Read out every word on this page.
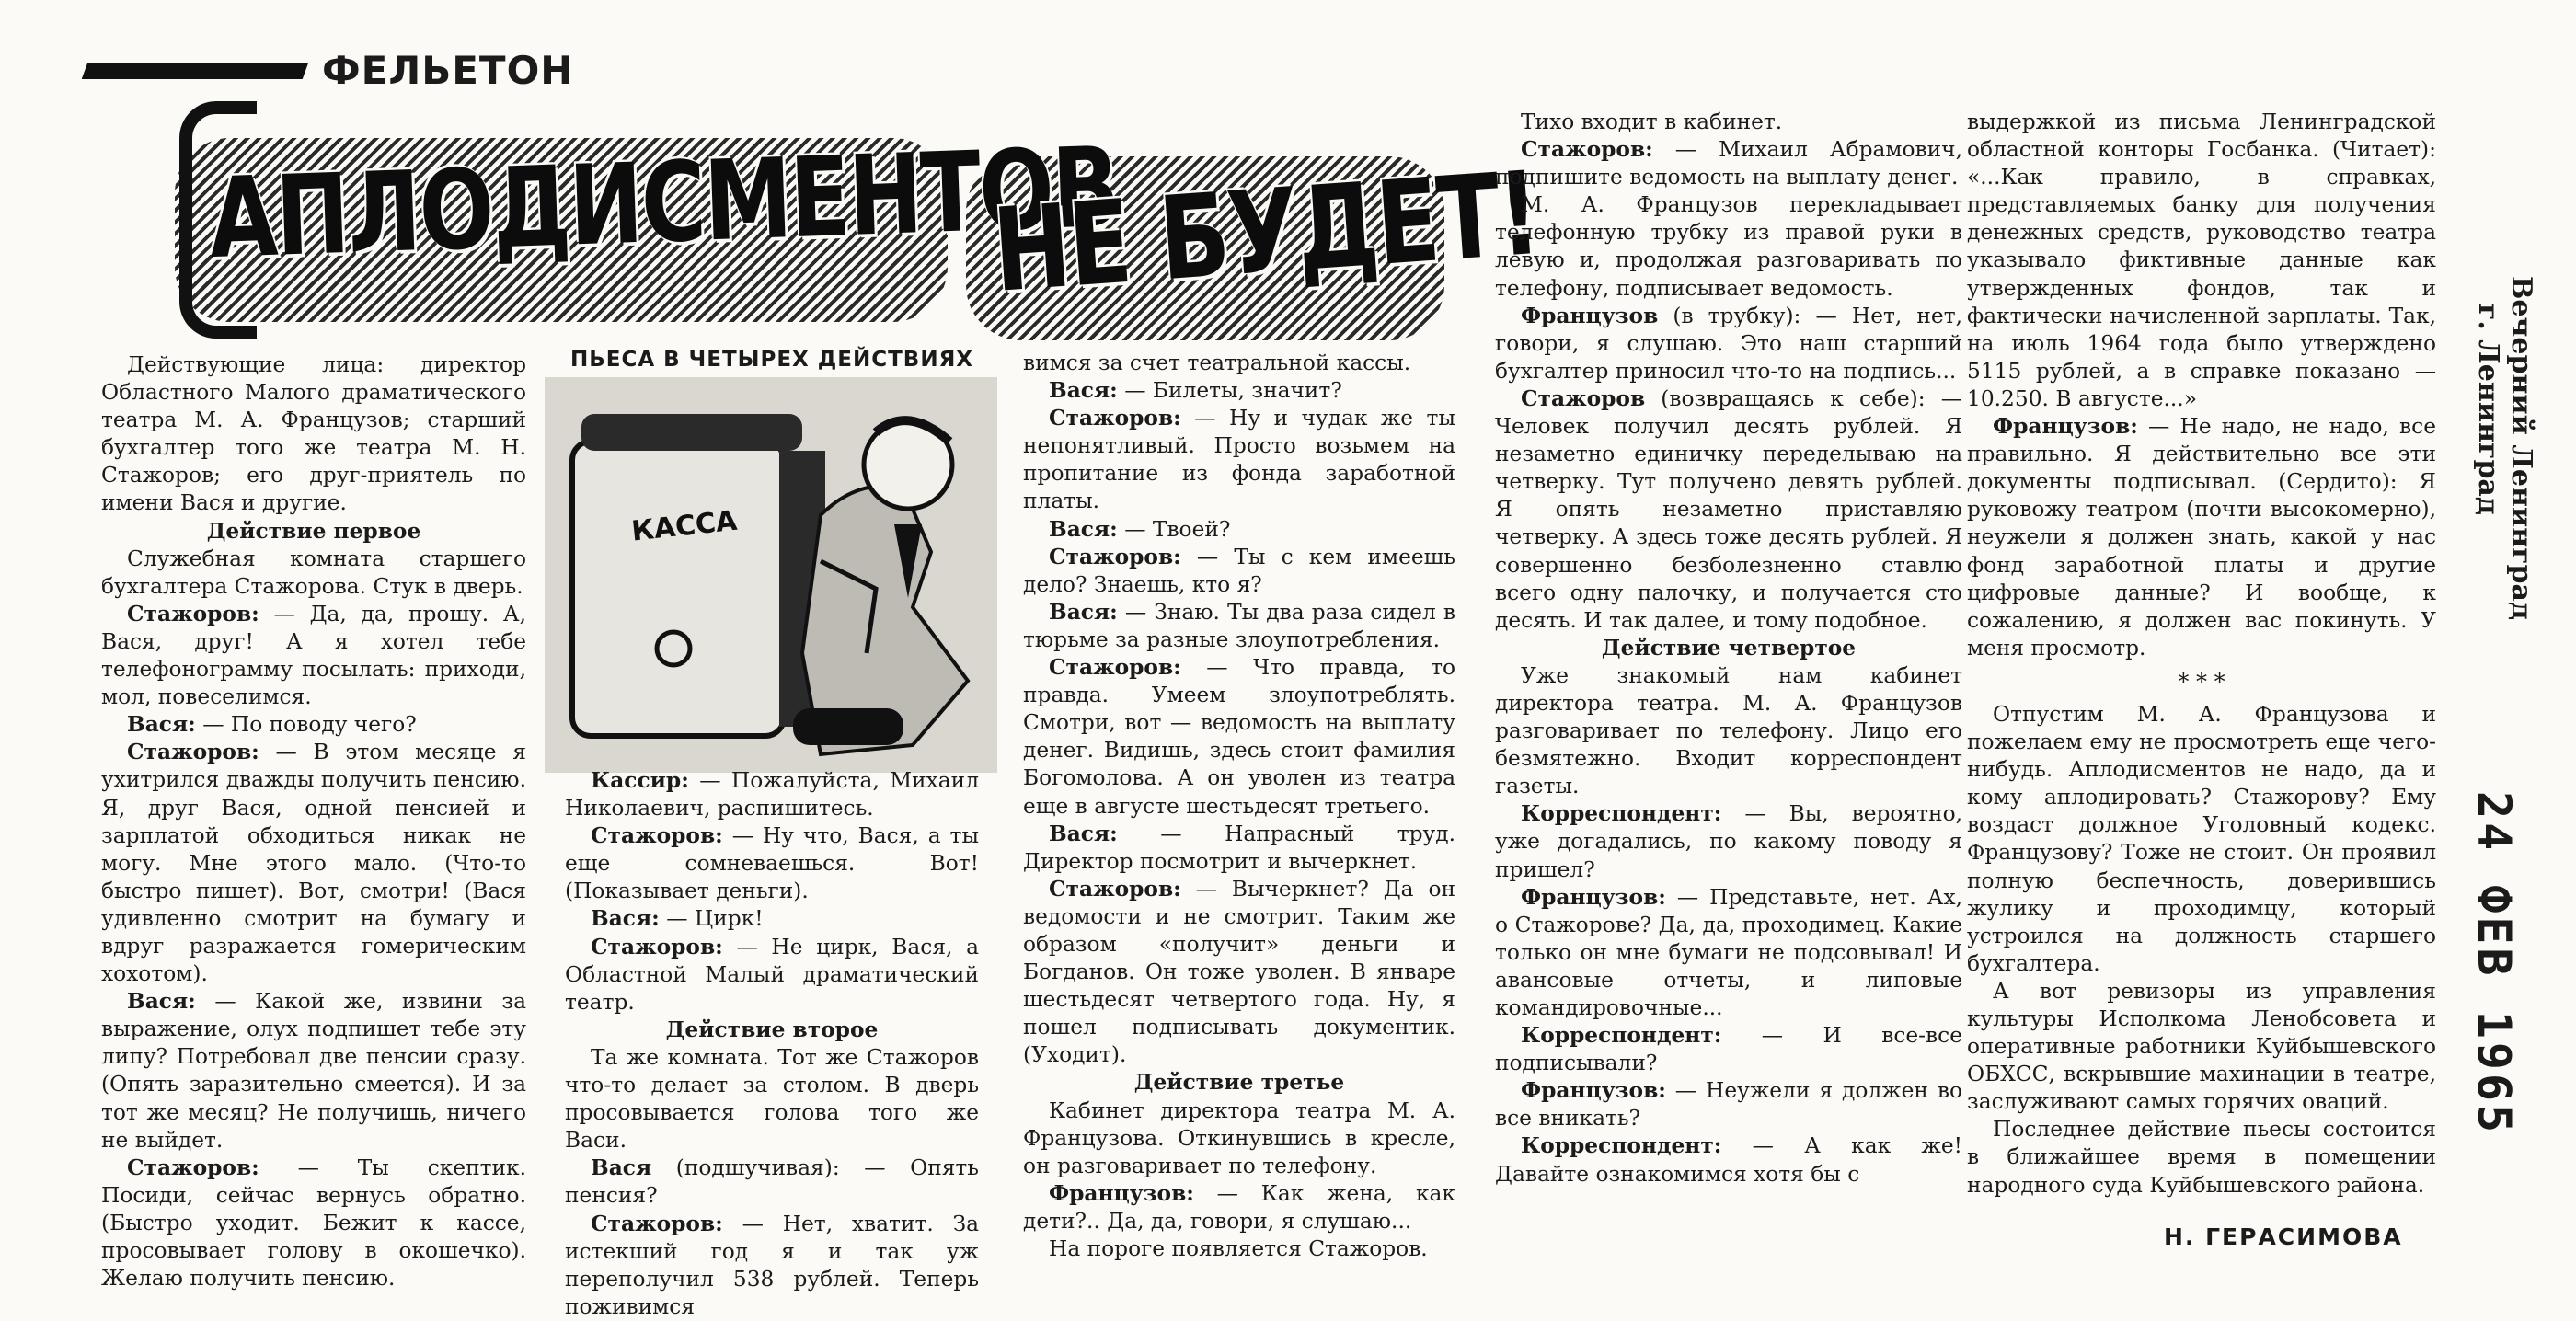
ФЕЛЬЕТОН
АПЛОДИСМЕНТОВ
НЕ БУДЕТ!

Действующие лица: директор Областного Малого драматического театра М. А. Французов; старший бухгалтер того же театра М. Н. Стажоров; его друг-приятель по имени Вася и другие.

Действие первое

Служебная комната старшего бухгалтера Стажорова. Стук в дверь.

Стажоров: — Да, да, прошу. А, Вася, друг! А я хотел тебе телефонограмму посылать: приходи, мол, повеселимся.

Вася: — По поводу чего?

Стажоров: — В этом месяце я ухитрился дважды получить пенсию. Я, друг Вася, одной пенсией и зарплатой обходиться никак не могу. Мне этого мало. (Что-то быстро пишет). Вот, смотри! (Вася удивленно смотрит на бумагу и вдруг разражается гомерическим хохотом).

Вася: — Какой же, извини за выражение, олух подпишет тебе эту липу? Потребовал две пенсии сразу. (Опять заразительно смеется). И за тот же месяц? Не получишь, ничего не выйдет.

Стажоров: — Ты скептик. Посиди, сейчас вернусь обратно. (Быстро уходит. Бежит к кассе, просовывает голову в окошечко). Желаю получить пенсию.

ПЬЕСА В ЧЕТЫРЕХ ДЕЙСТВИЯХ
КАССА

Кассир: — Пожалуйста, Михаил Николаевич, распишитесь.

Стажоров: — Ну что, Вася, а ты еще сомневаешься. Вот! (Показывает деньги).

Вася: — Цирк!

Стажоров: — Не цирк, Вася, а Областной Малый драматический театр.

Действие второе

Та же комната. Тот же Стажоров что-то делает за столом. В дверь просовывается голова того же Васи.

Вася (подшучивая): — Опять пенсия?

Стажоров: — Нет, хватит. За истекший год я и так уж переполучил 538 рублей. Теперь поживимся

вимся за счет театральной кассы.

Вася: — Билеты, значит?

Стажоров: — Ну и чудак же ты непонятливый. Просто возьмем на пропитание из фонда заработной платы.

Вася: — Твоей?

Стажоров: — Ты с кем имеешь дело? Знаешь, кто я?

Вася: — Знаю. Ты два раза сидел в тюрьме за разные злоупотребления.

Стажоров: — Что правда, то правда. Умеем злоупотреблять. Смотри, вот — ведомость на выплату денег. Видишь, здесь стоит фамилия Богомолова. А он уволен из театра еще в августе шестьдесят третьего.

Вася: — Напрасный труд. Директор посмотрит и вычеркнет.

Стажоров: — Вычеркнет? Да он ведомости и не смотрит. Таким же образом «получит» деньги и Богданов. Он тоже уволен. В январе шестьдесят четвертого года. Ну, я пошел подписывать документик. (Уходит).

Действие третье

Кабинет директора театра М. А. Французова. Откинувшись в кресле, он разговаривает по телефону.

Французов: — Как жена, как дети?.. Да, да, говори, я слушаю...

На пороге появляется Стажоров.

Тихо входит в кабинет.

Стажоров: — Михаил Абрамович, подпишите ведомость на выплату денег.

М. А. Французов перекладывает телефонную трубку из правой руки в левую и, продолжая разговаривать по телефону, подписывает ведомость.

Французов (в трубку): — Нет, нет, говори, я слушаю. Это наш старший бухгалтер приносил что-то на подпись...

Стажоров (возвращаясь к себе): — Человек получил десять рублей. Я незаметно единичку переделываю на четверку. Тут получено девять рублей. Я опять незаметно приставляю четверку. А здесь тоже десять рублей. Я совершенно безболезненно ставлю всего одну палочку, и получается сто десять. И так далее, и тому подобное.

Действие четвертое

Уже знакомый нам кабинет директора театра. М. А. Французов разговаривает по телефону. Лицо его безмятежно. Входит корреспондент газеты.

Корреспондент: — Вы, вероятно, уже догадались, по какому поводу я пришел?

Французов: — Представьте, нет. Ах, о Стажорове? Да, да, проходимец. Какие только он мне бумаги не подсовывал! И авансовые отчеты, и липовые командировочные...

Корреспондент: — И все-все подписывали?

Французов: — Неужели я должен во все вникать?

Корреспондент: — А как же! Давайте ознакомимся хотя бы с

выдержкой из письма Ленинградской областной конторы Госбанка. (Читает): «...Как правило, в справках, представляемых банку для получения денежных средств, руководство театра указывало фиктивные данные как утвержденных фондов, так и фактически начисленной зарплаты. Так, на июль 1964 года было утверждено 5115 рублей, а в справке показано — 10.250. В августе...»

Французов: — Не надо, не надо, все правильно. Я действительно все эти документы подписывал. (Сердито): Я руковожу театром (почти высокомерно), неужели я должен знать, какой у нас фонд заработной платы и другие цифровые данные? И вообще, к сожалению, я должен вас покинуть. У меня просмотр.

* * *

Отпустим М. А. Французова и пожелаем ему не просмотреть еще чего-нибудь. Аплодисментов не надо, да и кому аплодировать? Стажорову? Ему воздаст должное Уголовный кодекс. Французову? Тоже не стоит. Он проявил полную беспечность, доверившись жулику и проходимцу, который устроился на должность старшего бухгалтера.

А вот ревизоры из управления культуры Исполкома Ленобсовета и оперативные работники Куйбышевского ОБХСС, вскрывшие махинации в театре, заслуживают самых горячих оваций.

Последнее действие пьесы состоится в ближайшее время в помещении народного суда Куйбышевского района.

Н. ГЕРАСИМОВА
Вечерний Ленинград
г. Ленинград
24 ФЕВ 1965
